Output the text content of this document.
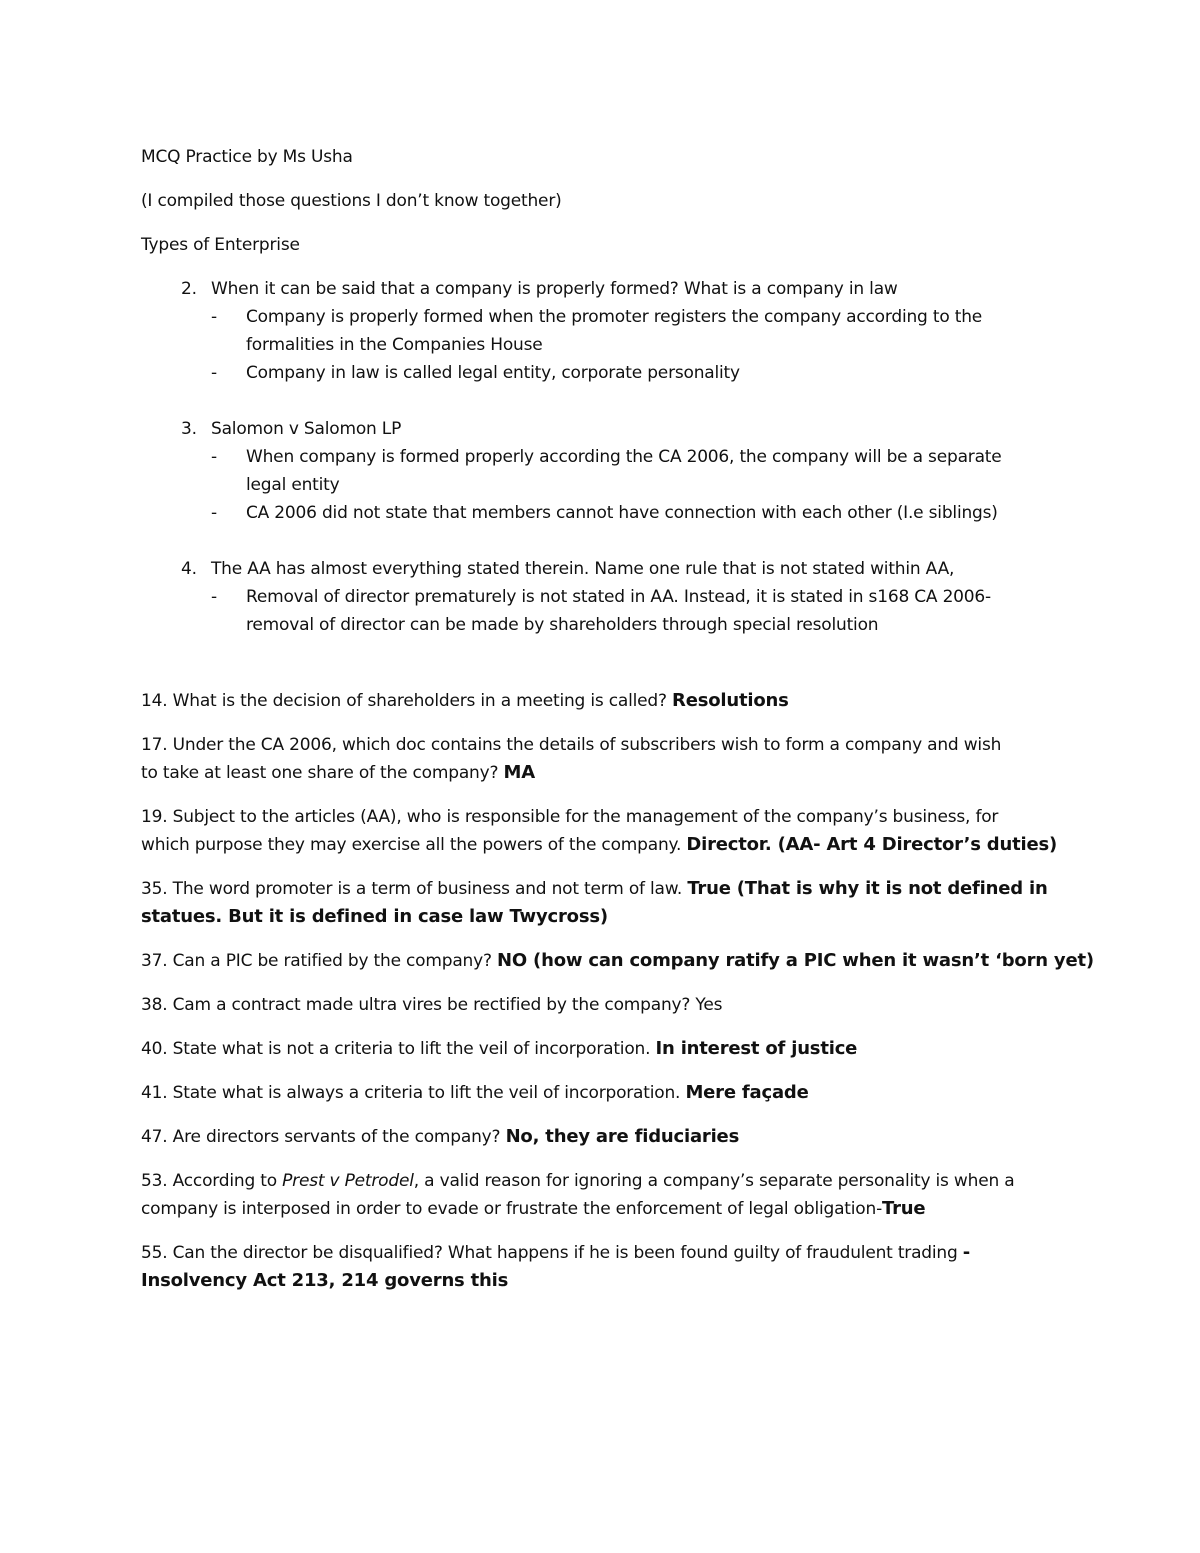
MCQ Practice by Ms Usha
(I compiled those questions I don’t know together)
Types of Enterprise
2. When it can be said that a company is properly formed? What is a company in law
-	Company is properly formed when the promoter registers the company according to the
formalities in the Companies House
-	Company in law is called legal entity, corporate personality
3. Salomon v Salomon LP
-	When company is formed properly according the CA 2006, the company will be a separate
legal entity
-	CA 2006 did not state that members cannot have connection with each other (I.e siblings)
4. The AA has almost everything stated therein. Name one rule that is not stated within AA,
-	Removal of director prematurely is not stated in AA. Instead, it is stated in s168 CA 2006-
removal of director can be made by shareholders through special resolution
14. What is the decision of shareholders in a meeting is called? Resolutions
17. Under the CA 2006, which doc contains the details of subscribers wish to form a company and wish
to take at least one share of the company? MA
19. Subject to the articles (AA), who is responsible for the management of the company’s business, for
which purpose they may exercise all the powers of the company. Director. (AA- Art 4 Director’s duties)
35. The word promoter is a term of business and not term of law. True (That is why it is not defined in
statues. But it is defined in case law Twycross)
37. Can a PIC be ratified by the company? NO (how can company ratify a PIC when it wasn’t ‘born yet)
38. Cam a contract made ultra vires be rectified by the company? Yes
40. State what is not a criteria to lift the veil of incorporation. In interest of justice
41. State what is always a criteria to lift the veil of incorporation. Mere façade
47. Are directors servants of the company? No, they are fiduciaries
53. According to Prest v Petrodel, a valid reason for ignoring a company’s separate personality is when a
company is interposed in order to evade or frustrate the enforcement of legal obligation-True
55. Can the director be disqualified? What happens if he is been found guilty of fraudulent trading -
Insolvency Act 213, 214 governs this
